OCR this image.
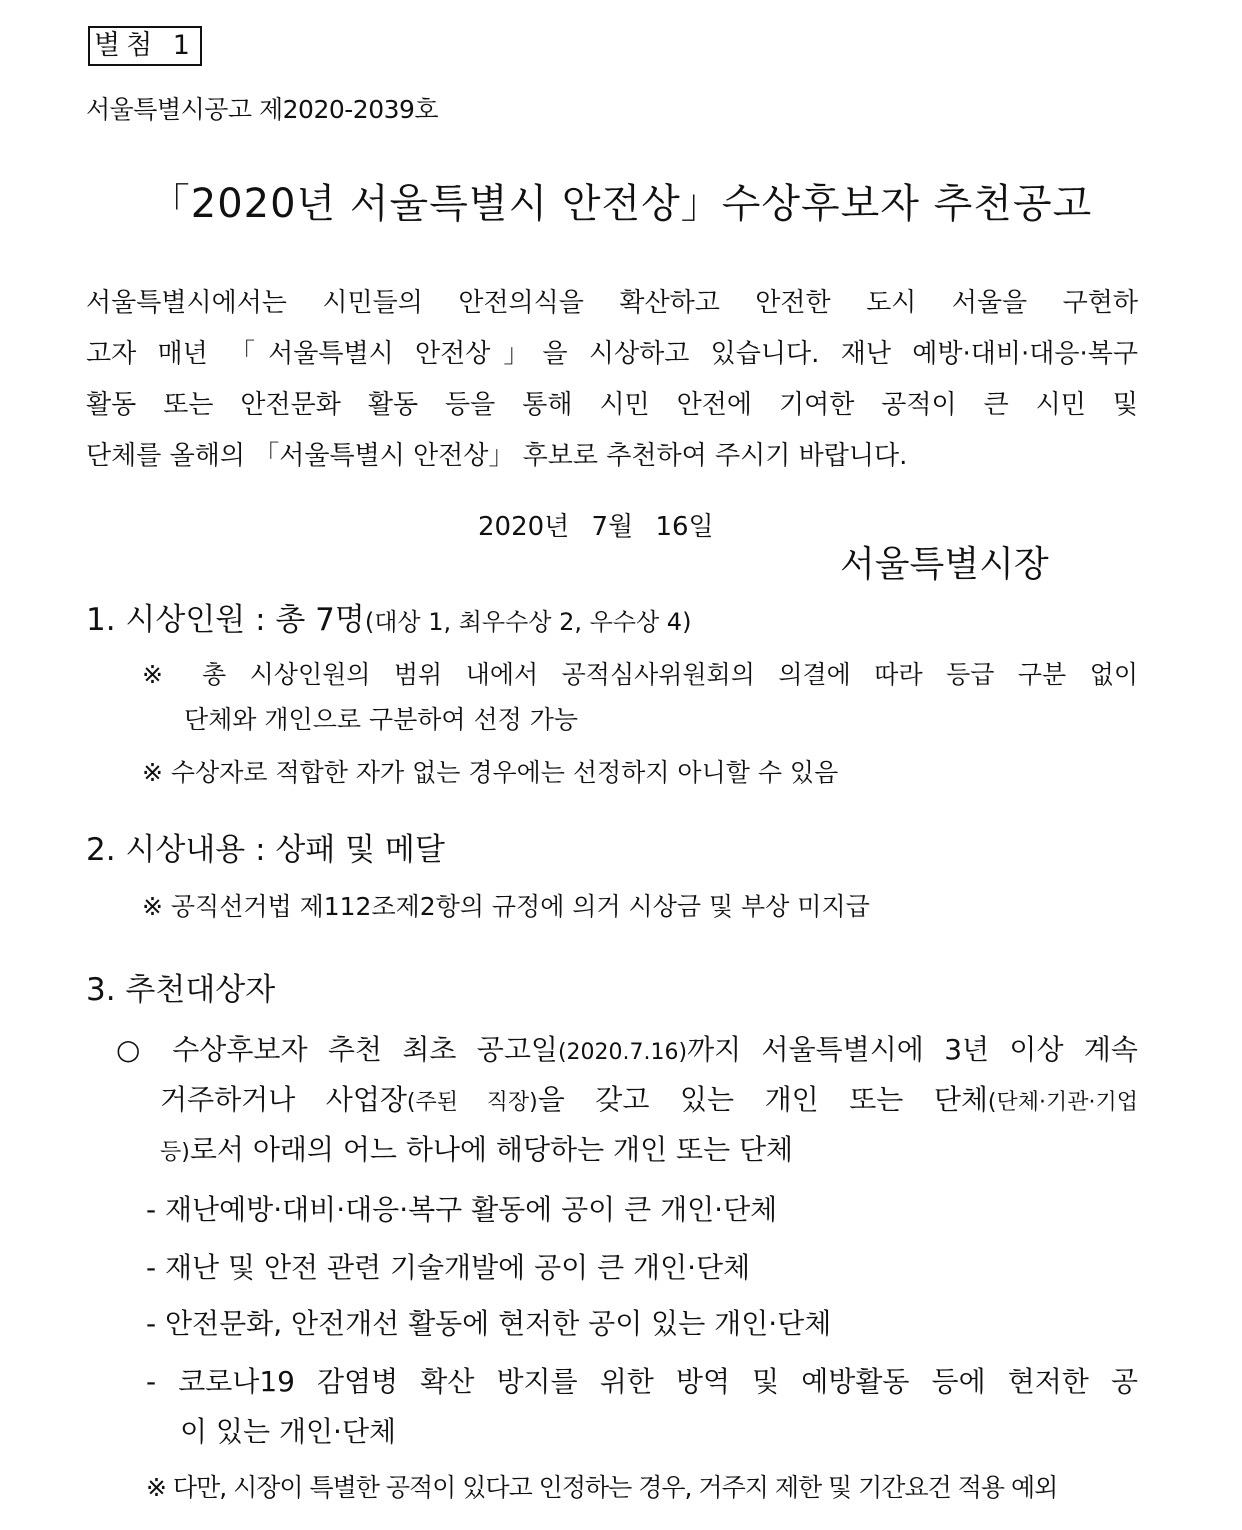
별첨 1
서울특별시공고 제2020-2039호
「2020년 서울특별시 안전상」수상후보자 추천공고

서울특별시에서는 시민들의 안전의식을 확산하고 안전한 도시 서울을 구현하

고자 매년 「서울특별시 안전상」을 시상하고 있습니다. 재난 예방·대비·대응·복구

활동 또는 안전문화 활동 등을 통해 시민 안전에 기여한 공적이 큰 시민 및

단체를 올해의 「서울특별시 안전상」 후보로 추천하여 주시기 바랍니다.

2020년 7월 16일
서울특별시장
1. 시상인원 : 총 7명(대상 1, 최우수상 2, 우수상 4)
※ 총 시상인원의 범위 내에서 공적심사위원회의 의결에 따라 등급 구분 없이
단체와 개인으로 구분하여 선정 가능
※ 수상자로 적합한 자가 없는 경우에는 선정하지 아니할 수 있음
2. 시상내용 : 상패 및 메달
※ 공직선거법 제112조제2항의 규정에 의거 시상금 및 부상 미지급
3. 추천대상자
○ 수상후보자 추천 최초 공고일(2020.7.16)까지 서울특별시에 3년 이상 계속
거주하거나 사업장(주된 직장)을 갖고 있는 개인 또는 단체(단체·기관·기업
등)로서 아래의 어느 하나에 해당하는 개인 또는 단체
- 재난예방·대비·대응·복구 활동에 공이 큰 개인·단체
- 재난 및 안전 관련 기술개발에 공이 큰 개인·단체
- 안전문화, 안전개선 활동에 현저한 공이 있는 개인·단체
- 코로나19 감염병 확산 방지를 위한 방역 및 예방활동 등에 현저한 공
이 있는 개인·단체
※ 다만, 시장이 특별한 공적이 있다고 인정하는 경우, 거주지 제한 및 기간요건 적용 예외
